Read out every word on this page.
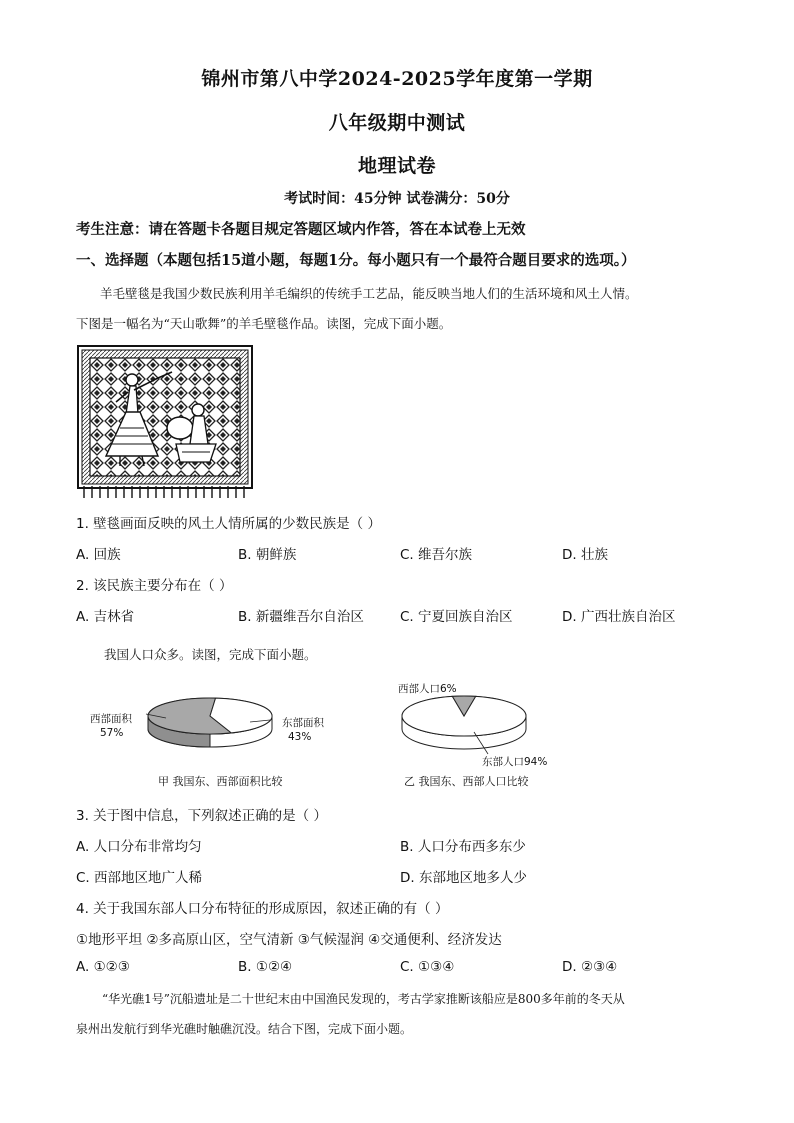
锦州市第八中学2024-2025学年度第一学期
八年级期中测试
地理试卷
考试时间：45分钟 试卷满分：50分
考生注意：请在答题卡各题目规定答题区域内作答，答在本试卷上无效
一、选择题（本题包括15道小题，每题1分。每小题只有一个最符合题目要求的选项。）
羊毛壁毯是我国少数民族利用羊毛编织的传统手工艺品，能反映当地人们的生活环境和风土人情。
下图是一幅名为“天山歌舞”的羊毛壁毯作品。读图，完成下面小题。
1. 壁毯画面反映的风土人情所属的少数民族是（ ）
A. 回族	B. 朝鲜族	C. 维吾尔族	D. 壮族
2. 该民族主要分布在（ ）
A. 吉林省	B. 新疆维吾尔自治区	C. 宁夏回族自治区	D. 广西壮族自治区
我国人口众多。读图，完成下面小题。
西部面积
57%
东部面积
43%
甲 我国东、西部面积比较
西部人口6%
东部人口94%
乙 我国东、西部人口比较
3. 关于图中信息，下列叙述正确的是（ ）
A. 人口分布非常均匀	B. 人口分布西多东少
C. 西部地区地广人稀	D. 东部地区地多人少
4. 关于我国东部人口分布特征的形成原因，叙述正确的有（ ）
①地形平坦 ②多高原山区，空气清新 ③气候湿润 ④交通便利、经济发达
A. ①②③	B. ①②④	C. ①③④	D. ②③④
“华光礁1号”沉船遗址是二十世纪末由中国渔民发现的，考古学家推断该船应是800多年前的冬天从
泉州出发航行到华光礁时触礁沉没。结合下图，完成下面小题。
